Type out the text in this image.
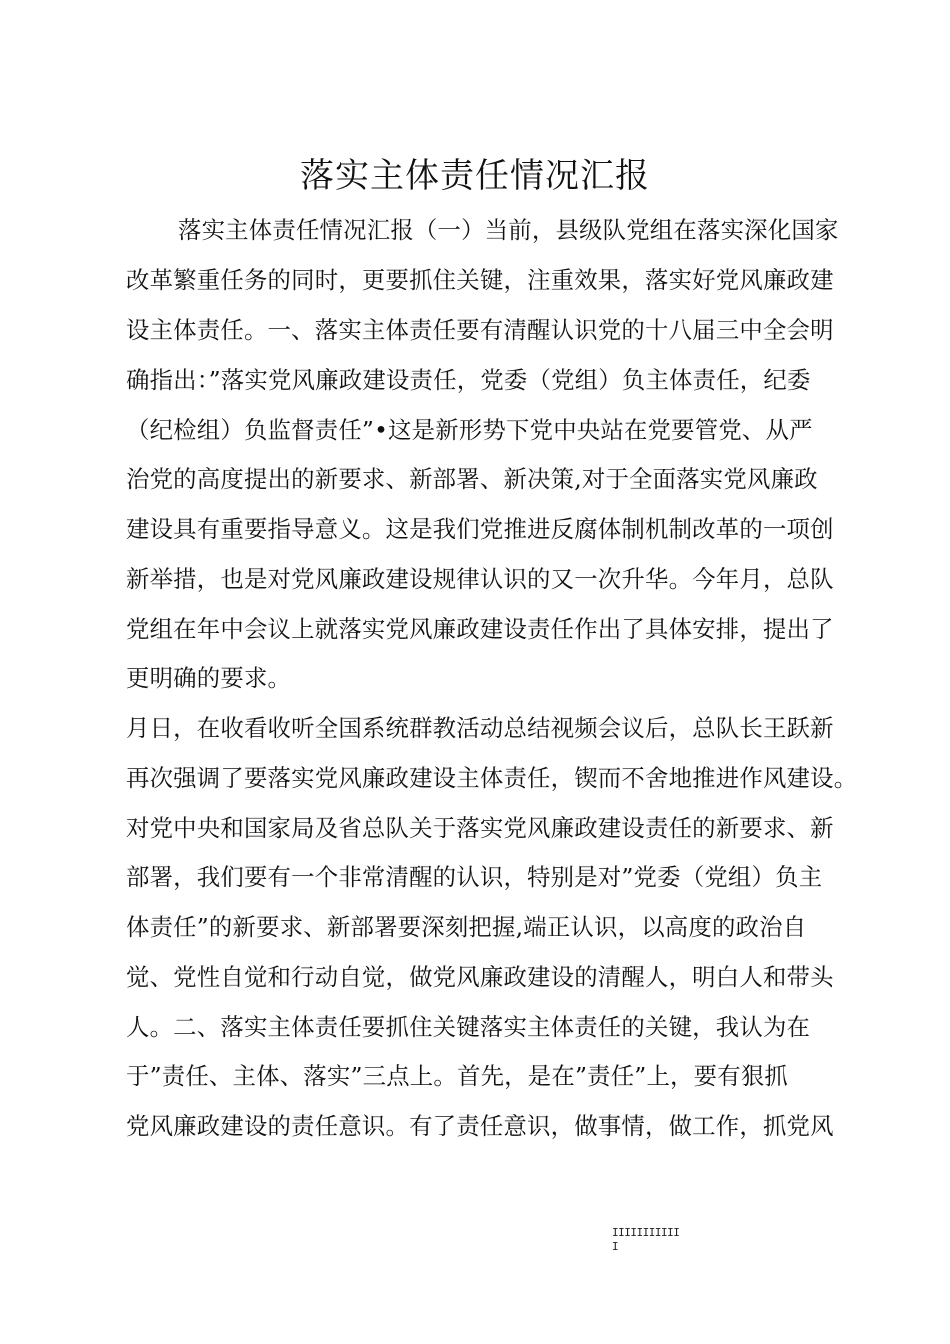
落实主体责任情况汇报

落实主体责任情况汇报（一）当前，县级队党组在落实深化国家

改革繁重任务的同时，更要抓住关键，注重效果，落实好党风廉政建

设主体责任。一、落实主体责任要有清醒认识党的十八届三中全会明

确指出：”落实党风廉政建设责任，党委（党组）负主体责任，纪委

（纪检组）负监督责任”•这是新形势下党中央站在党要管党、从严

治党的高度提出的新要求、新部署、新决策,对于全面落实党风廉政

建设具有重要指导意义。这是我们党推进反腐体制机制改革的一项创

新举措，也是对党风廉政建设规律认识的又一次升华。今年月，总队

党组在年中会议上就落实党风廉政建设责任作出了具体安排，提出了

更明确的要求。

月日，在收看收听全国系统群教活动总结视频会议后，总队长王跃新

再次强调了要落实党风廉政建设主体责任，锲而不舍地推进作风建设。

对党中央和国家局及省总队关于落实党风廉政建设责任的新要求、新

部署，我们要有一个非常清醒的认识，特别是对”党委（党组）负主

体责任”的新要求、新部署要深刻把握,端正认识，以高度的政治自

觉、党性自觉和行动自觉，做党风廉政建设的清醒人，明白人和带头

人。二、落实主体责任要抓住关键落实主体责任的关键，我认为在

于”责任、主体、落实”三点上。首先，是在”责任”上，要有狠抓

党风廉政建设的责任意识。有了责任意识，做事情，做工作，抓党风

IIIIIIIIIII
I
